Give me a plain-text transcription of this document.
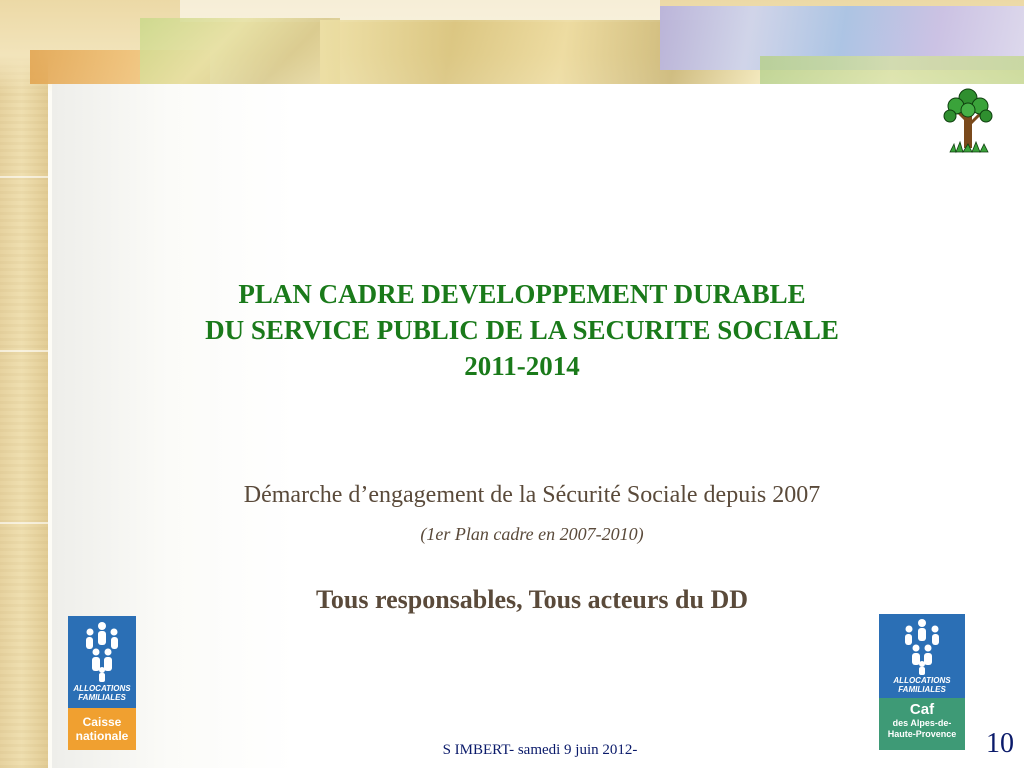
PLAN CADRE DEVELOPPEMENT DURABLE
DU SERVICE PUBLIC DE LA SECURITE SOCIALE
2011-2014
Démarche d’engagement de la Sécurité Sociale depuis 2007
(1er Plan cadre en 2007-2010)
Tous responsables, Tous acteurs du DD
ALLOCATIONS
FAMILIALES
Caisse
nationale
ALLOCATIONS
FAMILIALES
Caf
des Alpes-de-
Haute-Provence
S IMBERT- samedi 9 juin 2012-	10
